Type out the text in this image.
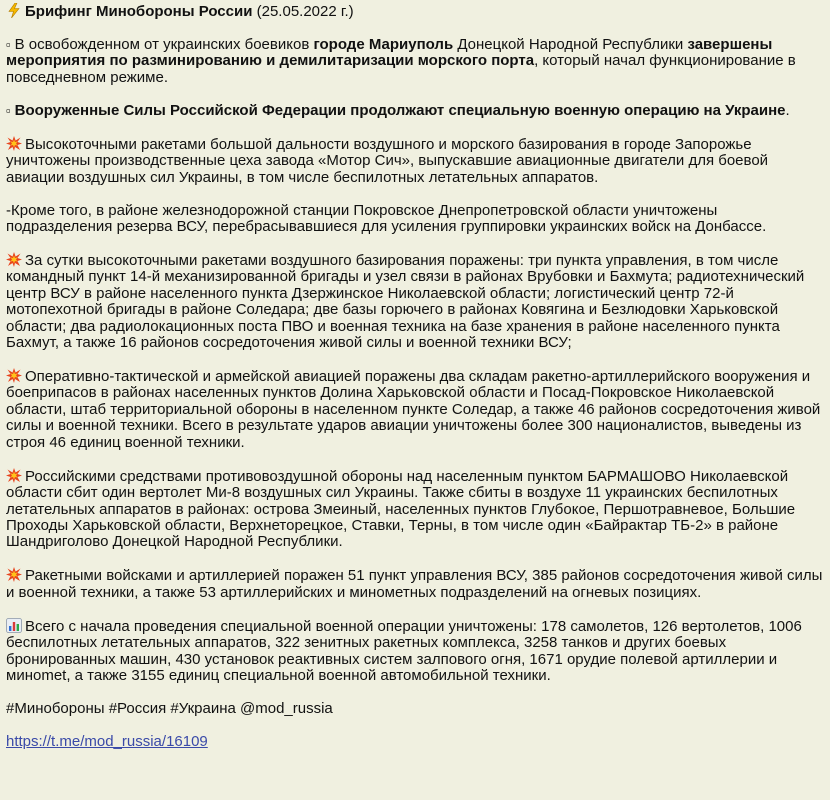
Брифинг Минобороны России (25.05.2022 г.)
▫ В освобожденном от украинских боевиков городе Мариуполь Донецкой Народной Республики завершены мероприятия по разминированию и демилитаризации морского порта, который начал функционирование в повседневном режиме.
▫ Вооруженные Силы Российской Федерации продолжают специальную военную операцию на Украине.
Высокоточными ракетами большой дальности воздушного и морского базирования в городе Запорожье уничтожены производственные цеха завода «Мотор Сич», выпускавшие авиационные двигатели для боевой авиации воздушных сил Украины, в том числе беспилотных летательных аппаратов.
-Кроме того, в районе железнодорожной станции Покровское Днепропетровской области уничтожены подразделения резерва ВСУ, перебрасывавшиеся для усиления группировки украинских войск на Донбассе.
За сутки высокоточными ракетами воздушного базирования поражены: три пункта управления, в том числе командный пункт 14-й механизированной бригады и узел связи в районах Врубовки и Бахмута; радиотехнический центр ВСУ в районе населенного пункта Дзержинское Николаевской области; логистический центр 72-й мотопехотной бригады в районе Соледара; две базы горючего в районах Ковягина и Безлюдовки Харьковской области; два радиолокационных поста ПВО и военная техника на базе хранения в районе населенного пункта Бахмут, а также 16 районов сосредоточения живой силы и военной техники ВСУ;
Оперативно-тактической и армейской авиацией поражены два складам ракетно-артиллерийского вооружения и боеприпасов в районах населенных пунктов Долина Харьковской области и Посад-Покровское Николаевской области, штаб территориальной обороны в населенном пункте Соледар, а также 46 районов сосредоточения живой силы и военной техники. Всего в результате ударов авиации уничтожены более 300 националистов, выведены из строя 46 единиц военной техники.
Российскими средствами противовоздушной обороны над населенным пунктом БАРМАШОВО Николаевской области сбит один вертолет Ми-8 воздушных сил Украины. Также сбиты в воздухе 11 украинских беспилотных летательных аппаратов в районах: острова Змеиный, населенных пунктов Глубокое, Першотравневое, Большие Проходы Харьковской области, Верхнеторецкое, Ставки, Терны, в том числе один «Байрактар ТБ-2» в районе Шандриголово Донецкой Народной Республики.
Ракетными войсками и артиллерией поражен 51 пункт управления ВСУ, 385 районов сосредоточения живой силы и военной техники, а также 53 артиллерийских и минометных подразделений на огневых позициях.
Всего с начала проведения специальной военной операции уничтожены: 178 самолетов, 126 вертолетов, 1006 беспилотных летательных аппаратов, 322 зенитных ракетных комплекса, 3258 танков и других боевых бронированных машин, 430 установок реактивных систем залпового огня, 1671 орудие полевой артиллерии и минomet, а также 3155 единиц специальной военной автомобильной техники.
#Минобороны #Россия #Украина @mod_russia
https://t.me/mod_russia/16109
